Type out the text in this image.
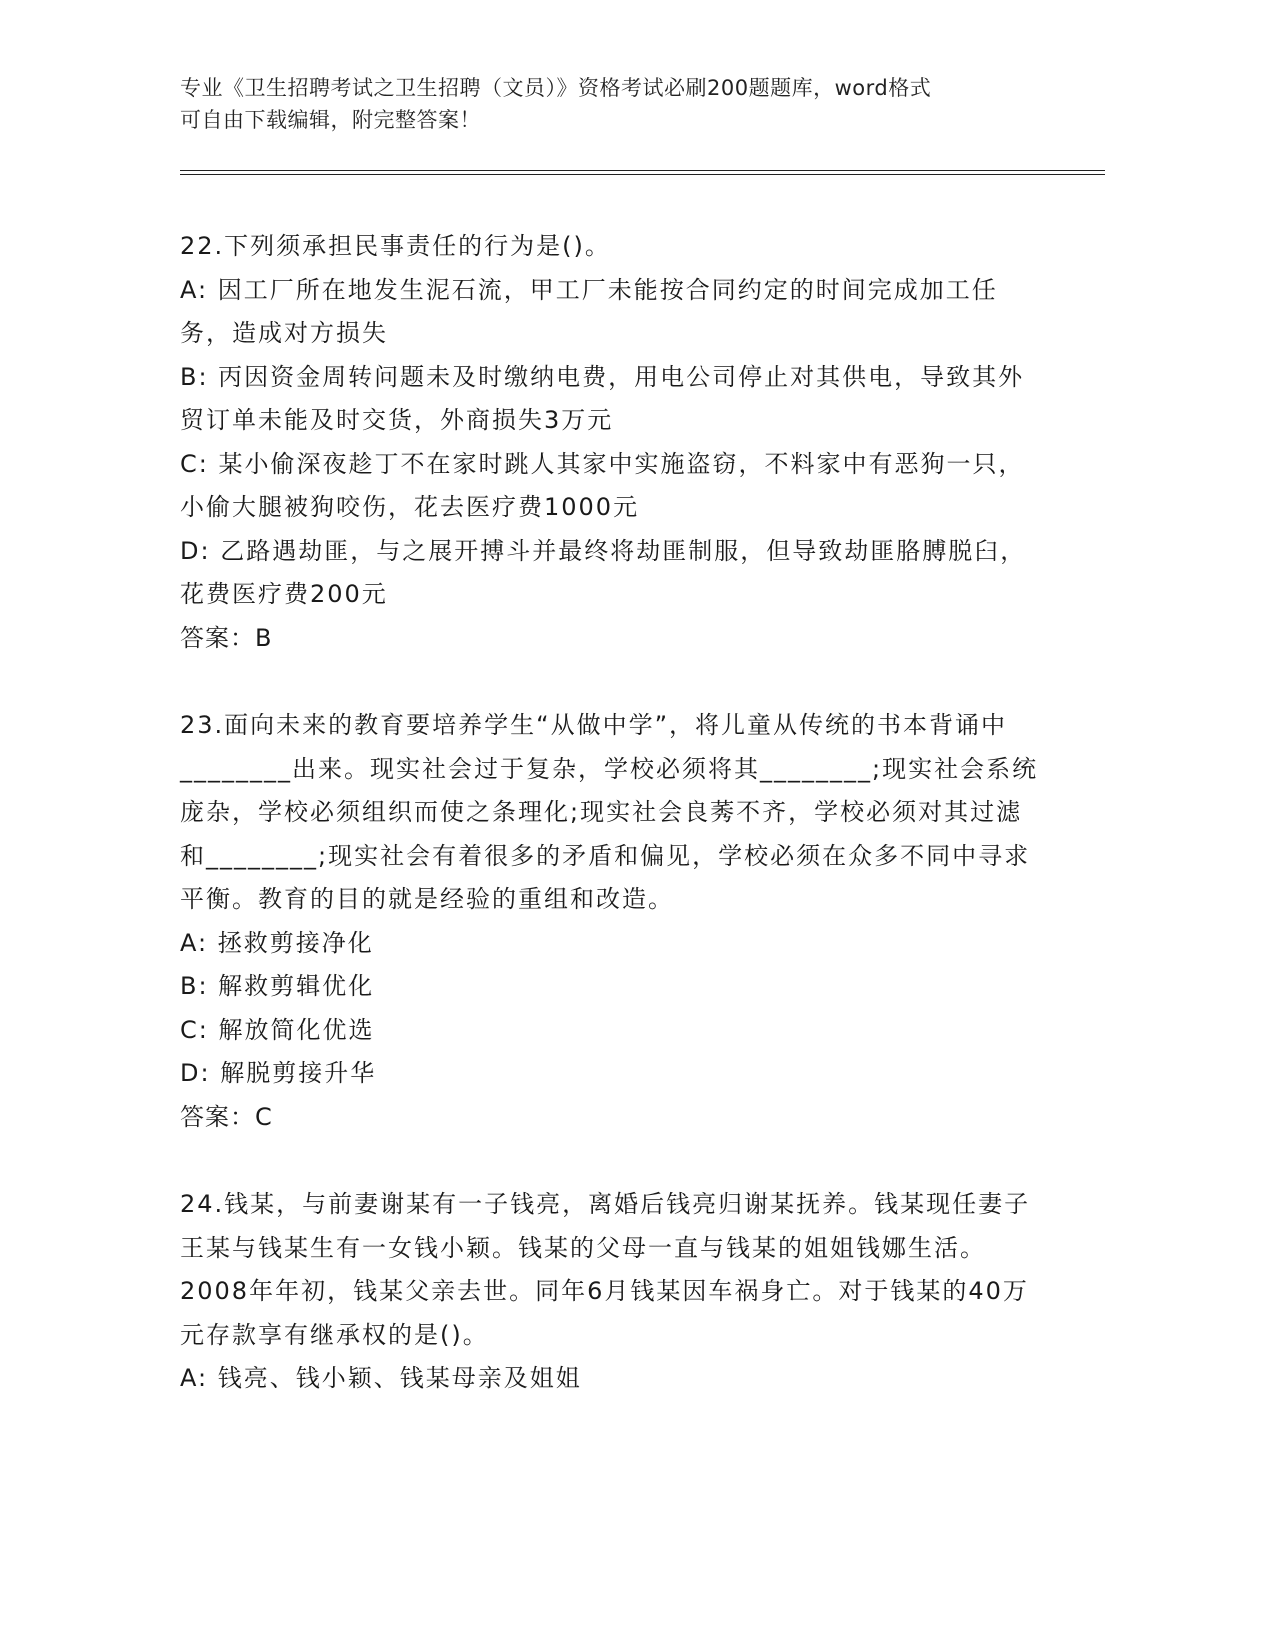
专业《卫生招聘考试之卫生招聘（文员）》资格考试必刷200题题库，word格式
可自由下载编辑，附完整答案！
22.下列须承担民事责任的行为是()。
A: 因工厂所在地发生泥石流，甲工厂未能按合同约定的时间完成加工任务，造成对方损失
B: 丙因资金周转问题未及时缴纳电费，用电公司停止对其供电，导致其外贸订单未能及时交货，外商损失3万元
C: 某小偷深夜趁丁不在家时跳人其家中实施盗窃，不料家中有恶狗一只，小偷大腿被狗咬伤，花去医疗费1000元
D: 乙路遇劫匪，与之展开搏斗并最终将劫匪制服，但导致劫匪胳膊脱臼，花费医疗费200元
答案：B
23.面向未来的教育要培养学生“从做中学”，将儿童从传统的书本背诵中________出来。现实社会过于复杂，学校必须将其________;现实社会系统庞杂，学校必须组织而使之条理化;现实社会良莠不齐，学校必须对其过滤和________;现实社会有着很多的矛盾和偏见，学校必须在众多不同中寻求平衡。教育的目的就是经验的重组和改造。
A: 拯救剪接净化
B: 解救剪辑优化
C: 解放简化优选
D: 解脱剪接升华
答案：C
24.钱某，与前妻谢某有一子钱亮，离婚后钱亮归谢某抚养。钱某现任妻子王某与钱某生有一女钱小颖。钱某的父母一直与钱某的姐姐钱娜生活。2008年年初，钱某父亲去世。同年6月钱某因车祸身亡。对于钱某的40万元存款享有继承权的是()。
A: 钱亮、钱小颖、钱某母亲及姐姐
